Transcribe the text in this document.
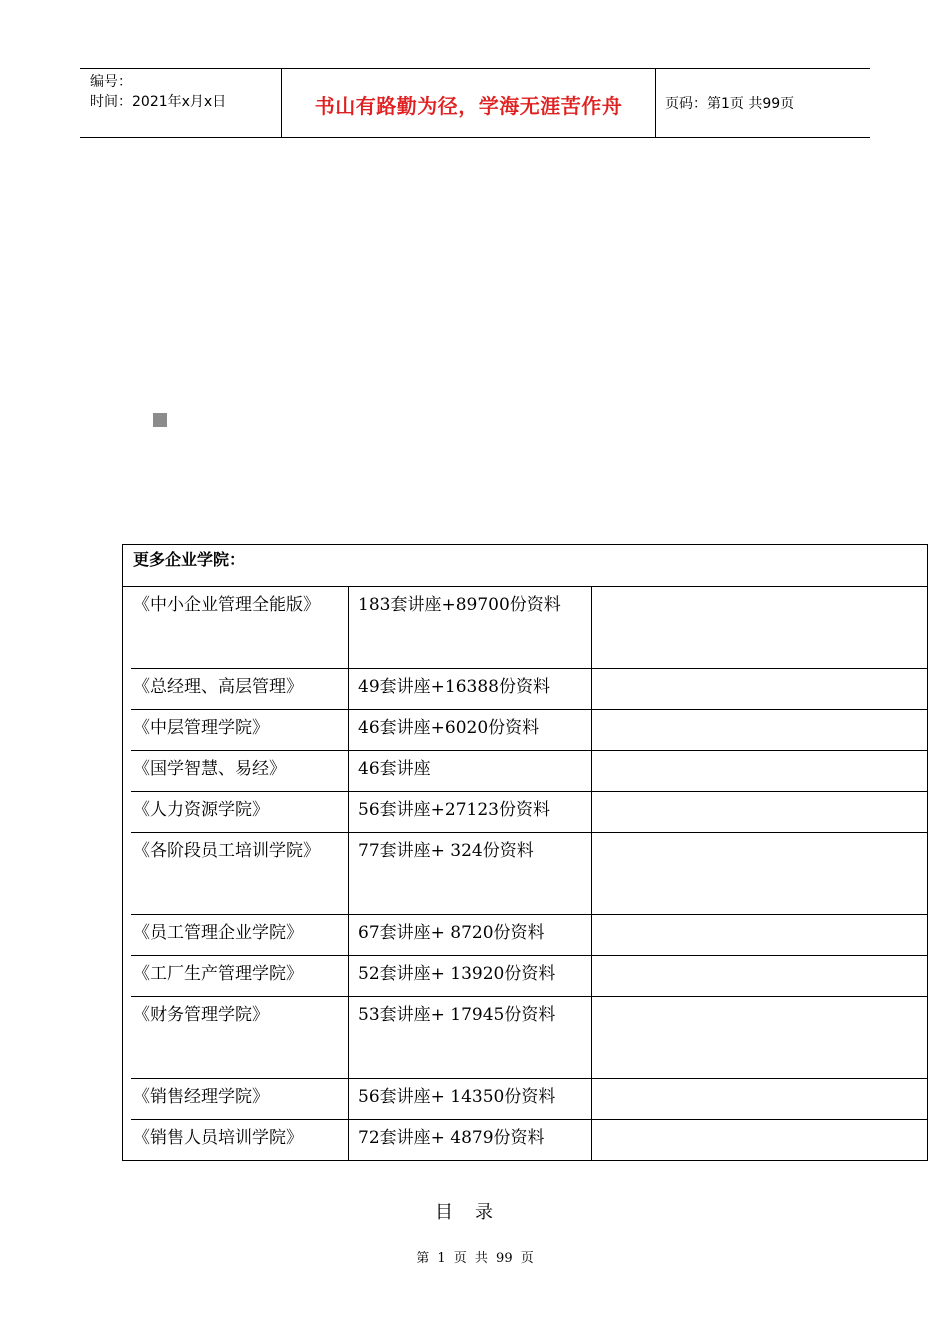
编号：
时间：2021年x月x日	书山有路勤为径，学海无涯苦作舟	页码：第1页 共99页
更多企业学院：
《中小企业管理全能版》	183套讲座+89700份资料
《总经理、高层管理》	49套讲座+16388份资料
《中层管理学院》	46套讲座+6020份资料
《国学智慧、易经》	46套讲座
《人力资源学院》	56套讲座+27123份资料
《各阶段员工培训学院》	77套讲座+ 324份资料
《员工管理企业学院》	67套讲座+ 8720份资料
《工厂生产管理学院》	52套讲座+ 13920份资料
《财务管理学院》	53套讲座+ 17945份资料
《销售经理学院》	56套讲座+ 14350份资料
《销售人员培训学院》	72套讲座+ 4879份资料
目录
第 1 页 共 99 页
